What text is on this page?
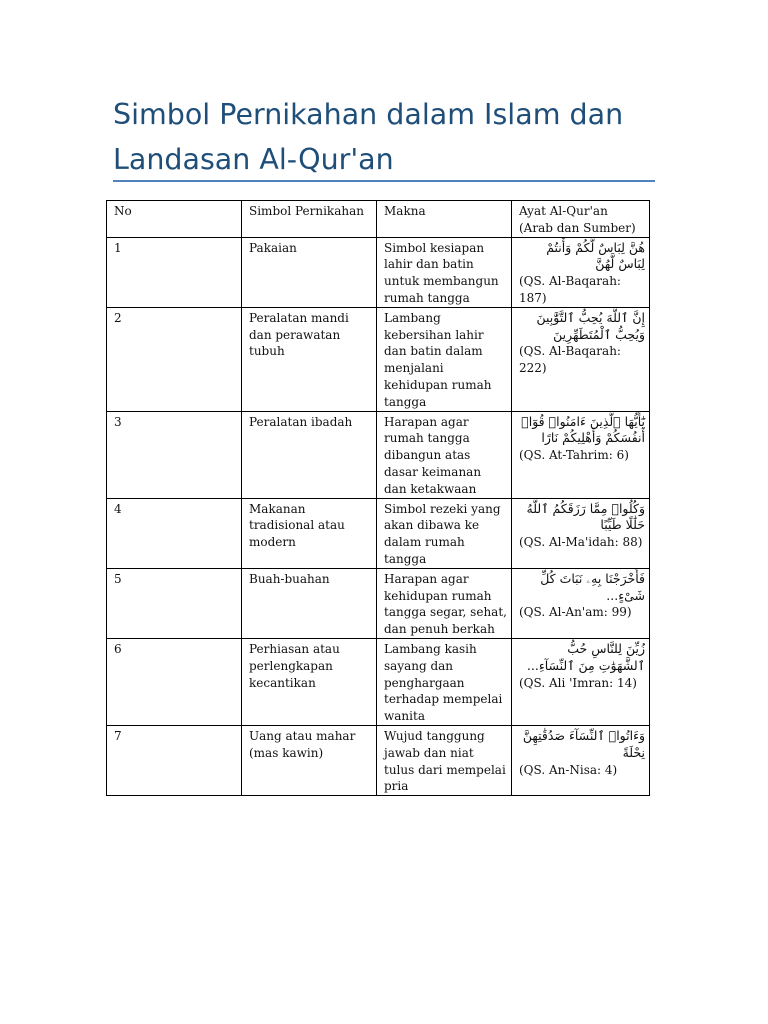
Simbol Pernikahan dalam Islam dan
Landasan Al-Qur'an
No	Simbol Pernikahan	Makna	Ayat Al-Qur'an (Arab dan Sumber)
1	Pakaian	Simbol kesiapan lahir dan batin untuk membangun rumah tangga	هُنَّ لِبَاسٌ لَّكُمْ وَأَنتُمْ لِبَاسٌ لَّهُنَّ
(QS. Al-Baqarah: 187)

2	Peralatan mandi dan perawatan tubuh	Lambang kebersihan lahir dan batin dalam menjalani kehidupan rumah tangga	إِنَّ ٱللَّهَ يُحِبُّ ٱلتَّوَّٰبِينَ وَيُحِبُّ ٱلْمُتَطَهِّرِينَ
(QS. Al-Baqarah: 222)

3	Peralatan ibadah	Harapan agar rumah tangga dibangun atas dasar keimanan dan ketakwaan	يَٰٓأَيُّهَا ٱلَّذِينَ ءَامَنُوا۟ قُوٓا۟ أَنفُسَكُمْ وَأَهْلِيكُمْ نَارًا
(QS. At-Tahrim: 6)

4	Makanan tradisional atau modern	Simbol rezeki yang akan dibawa ke dalam rumah tangga	وَكُلُوا۟ مِمَّا رَزَقَكُمُ ٱللَّهُ حَلَٰلًا طَيِّبًا
(QS. Al-Ma'idah: 88)

5	Buah-buahan	Harapan agar kehidupan rumah tangga segar, sehat, dan penuh berkah	فَأَخْرَجْنَا بِهِۦ نَبَاتَ كُلِّ شَىْءٍ...
(QS. Al-An'am: 99)

6	Perhiasan atau perlengkapan kecantikan	Lambang kasih sayang dan penghargaan terhadap mempelai wanita	زُيِّنَ لِلنَّاسِ حُبُّ ٱلشَّهَوَٰتِ مِنَ ٱلنِّسَآءِ...
(QS. Ali 'Imran: 14)

7	Uang atau mahar (mas kawin)	Wujud tanggung jawab dan niat tulus dari mempelai pria	وَءَاتُوا۟ ٱلنِّسَآءَ صَدُقَٰتِهِنَّ نِحْلَةً
(QS. An-Nisa: 4)
